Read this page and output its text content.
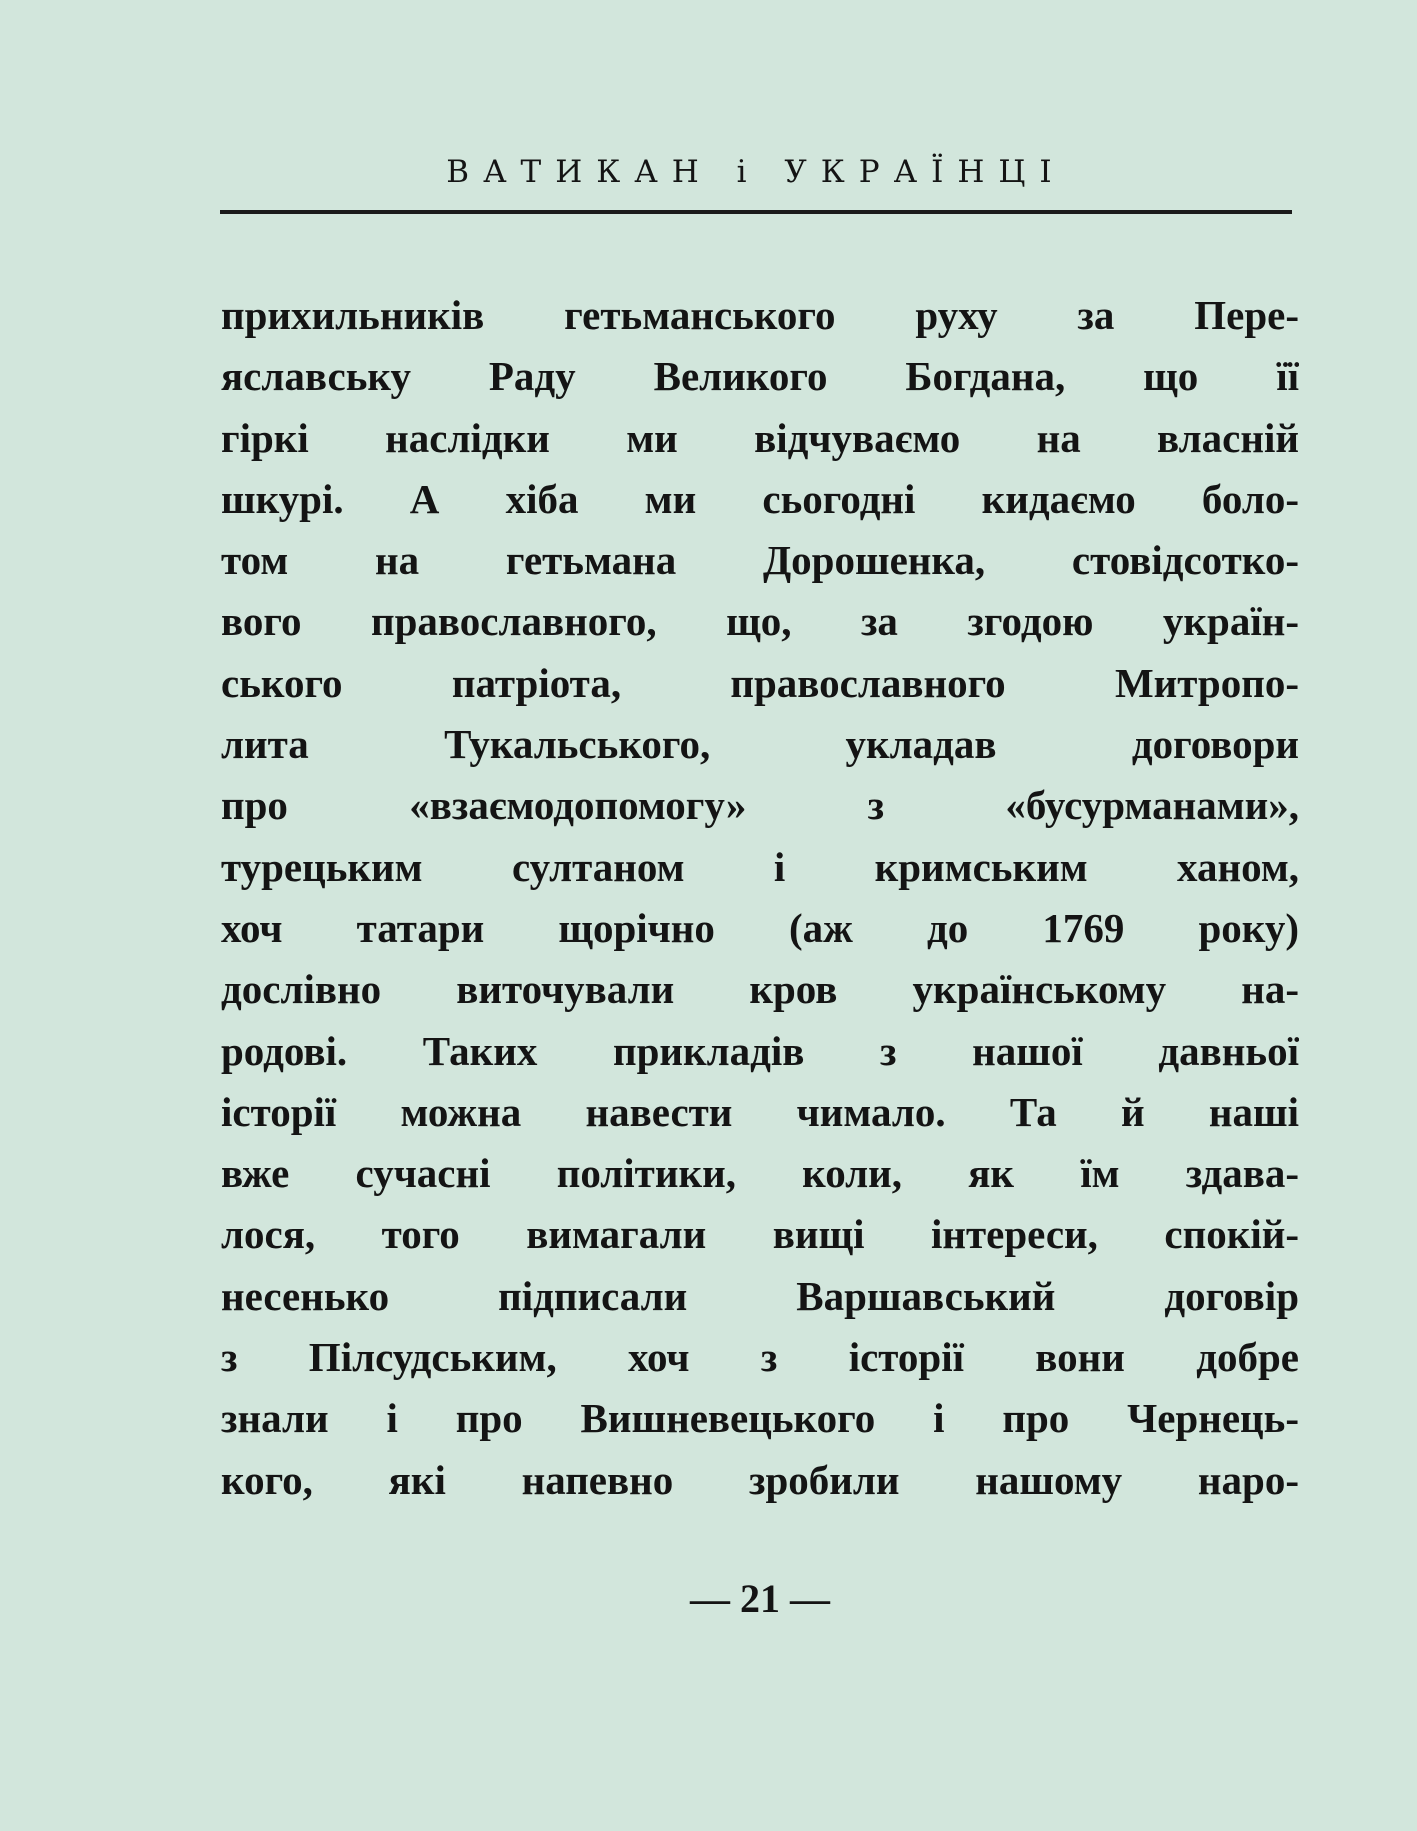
ВАТИКАН і УКРАЇНЦІ
прихильників гетьманського руху за Пере-
яславську Раду Великого Богдана, що її
гіркі наслідки ми відчуваємо на власній
шкурі. А хіба ми сьогодні кидаємо боло-
том на гетьмана Дорошенка, стовідсотко-
вого православного, що, за згодою україн-
ського патріота, православного Митропо-
лита Тукальського, укладав договори
про «взаємодопомогу» з «бусурманами»,
турецьким султаном і кримським ханом,
хоч татари щорічно (аж до 1769 року)
дослівно виточували кров українському на-
родові. Таких прикладів з нашої давньої
історії можна навести чимало. Та й наші
вже сучасні політики, коли, як їм здава-
лося, того вимагали вищі інтереси, спокій-
несенько підписали Варшавський договір
з Пілсудським, хоч з історії вони добре
знали і про Вишневецького і про Чернець-
кого, які напевно зробили нашому наро-
— 21 —
